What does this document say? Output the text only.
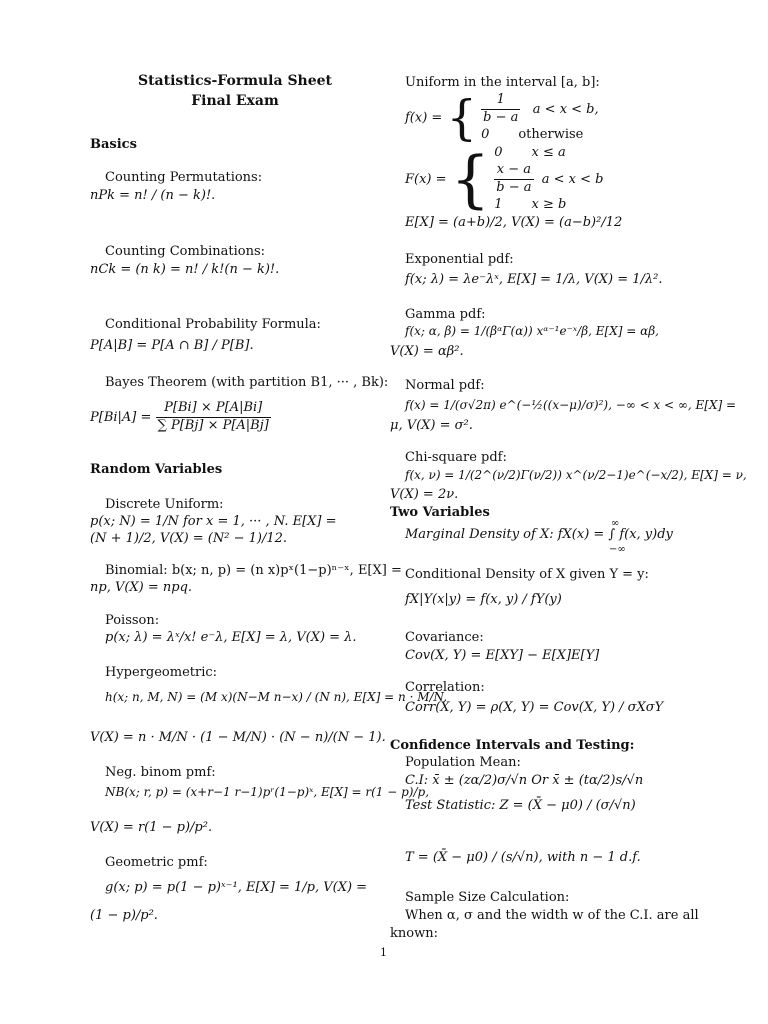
Statistics-Formula Sheet
Final Exam
Basics
Counting Permutations:
nPk = n! / (n − k)!.
Counting Combinations:
nCk = (n k) = n! / k!(n − k)!.
Conditional Probability Formula:
P[A|B] = P[A ∩ B] / P[B].
Bayes Theorem (with partition B1, ··· , Bk):
$P[Bi|A] = \frac{P[Bi] \times P[A|Bi]}{\sum P[Bj] \times P[A|Bj]}$
Random Variables
Discrete Uniform:
p(x; N) = 1/N for x = 1, ··· , N. E[X] =
(N + 1)/2, V(X) = (N² − 1)/12.
Binomial: b(x; n, p) = (n x)pˣ(1−p)ⁿ⁻ˣ, E[X] =
np, V(X) = npq.
Poisson:
p(x; λ) = λˣ/x! e⁻λ, E[X] = λ, V(X) = λ.
Hypergeometric:
h(x; n, M, N) = (M x)(N−M n−x) / (N n), E[X] = n · M/N,
V(X) = n · M/N · (1 − M/N) · (N − n)/(N − 1).
Neg. binom pmf:
NB(x; r, p) = (x+r−1 r−1)pʳ(1−p)ˣ, E[X] = r(1 − p)/p,
V(X) = r(1 − p)/p².
Geometric pmf:
g(x; p) = p(1 − p)ˣ⁻¹, E[X] = 1/p, V(X) =
(1 − p)/p².
Uniform in the interval [a, b]:
f(x) = { $\frac{1}{b - a}$ a < x < b,
0 otherwise
F(x) = { 0 x ≤ a
$\frac{x - a}{b - a}$ a < x < b
1 x ≥ b
E[X] = (a+b)/2, V(X) = (a−b)²/12
Exponential pdf:
f(x; λ) = λe⁻λˣ, E[X] = 1/λ, V(X) = 1/λ².
Gamma pdf:
f(x; α, β) = 1/(βᵅΓ(α)) xᵅ⁻¹e⁻ˣ/β, E[X] = αβ,
V(X) = αβ².
Normal pdf:
f(x) = 1/(σ√2π) e^(−½((x−μ)/σ)²), −∞ < x < ∞, E[X] =
μ, V(X) = σ².
Chi-square pdf:
f(x, ν) = 1/(2^(ν/2)Γ(ν/2)) x^(ν/2−1)e^(−x/2), E[X] = ν,
V(X) = 2ν.
Two Variables
∞
Marginal Density of X: fX(x) = ∫ f(x, y)dy
−∞
Conditional Density of X given Y = y:
fX|Y(x|y) = f(x, y) / fY(y)
Covariance:
Cov(X, Y) = E[XY] − E[X]E[Y]
Correlation:
Corr(X, Y) = ρ(X, Y) = Cov(X, Y) / σXσY
Confidence Intervals and Testing:
Population Mean:
C.I: x̄ ± (zα/2)σ/√n Or x̄ ± (tα/2)s/√n
Test Statistic: Z = (X̄ − μ0) / (σ/√n)
T = (X̄ − μ0) / (s/√n), with n − 1 d.f.
Sample Size Calculation:
When α, σ and the width w of the C.I. are all
known:
1
